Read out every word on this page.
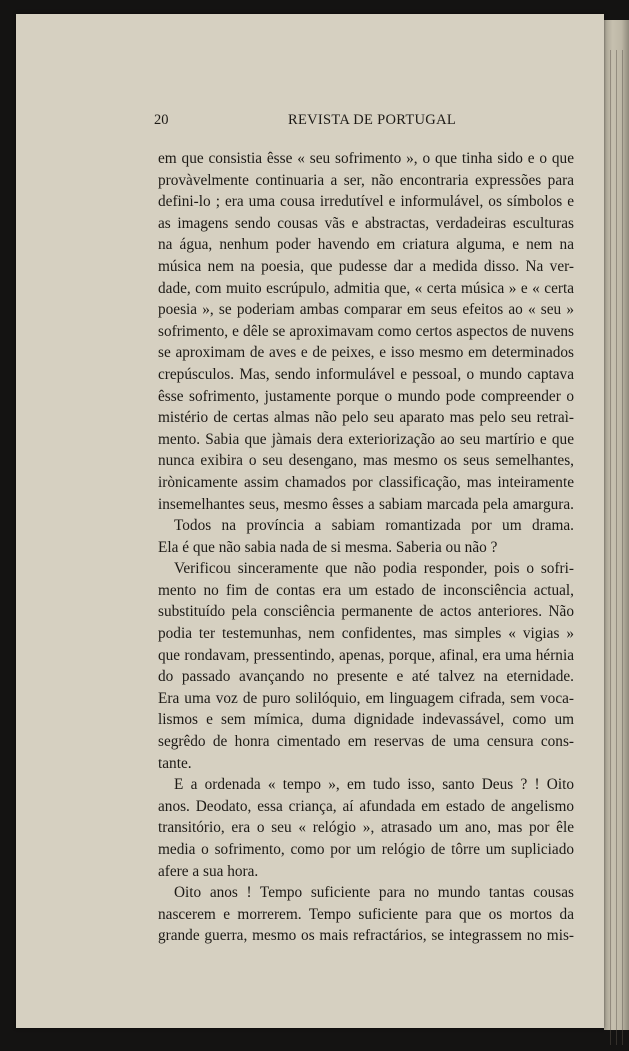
20	REVISTA DE PORTUGAL
em que consistia êsse « seu sofrimento », o que tinha sido e o que
provàvelmente continuaria a ser, não encontraria expressões para
defini-lo ; era uma cousa irredutível e informulável, os símbolos e
as imagens sendo cousas vãs e abstractas, verdadeiras esculturas
na água, nenhum poder havendo em criatura alguma, e nem na
música nem na poesia, que pudesse dar a medida disso. Na ver-
dade, com muito escrúpulo, admitia que, « certa música » e « certa
poesia », se poderiam ambas comparar em seus efeitos ao « seu »
sofrimento, e dêle se aproximavam como certos aspectos de nuvens
se aproximam de aves e de peixes, e isso mesmo em determinados
crepúsculos. Mas, sendo informulável e pessoal, o mundo captava
êsse sofrimento, justamente porque o mundo pode compreender o
mistério de certas almas não pelo seu aparato mas pelo seu retraì-
mento. Sabia que jàmais dera exteriorização ao seu martírio e que
nunca exibira o seu desengano, mas mesmo os seus semelhantes,
irònicamente assim chamados por classificação, mas inteiramente
insemelhantes seus, mesmo êsses a sabiam marcada pela amargura.
Todos na província a sabiam romantizada por um drama.
Ela é que não sabia nada de si mesma. Saberia ou não ?
Verificou sinceramente que não podia responder, pois o sofri-
mento no fim de contas era um estado de inconsciência actual,
substituído pela consciência permanente de actos anteriores. Não
podia ter testemunhas, nem confidentes, mas simples « vigias »
que rondavam, pressentindo, apenas, porque, afinal, era uma hérnia
do passado avançando no presente e até talvez na eternidade.
Era uma voz de puro solilóquio, em linguagem cifrada, sem voca-
lismos e sem mímica, duma dignidade indevassável, como um
segrêdo de honra cimentado em reservas de uma censura cons-
tante.
E a ordenada « tempo », em tudo isso, santo Deus ? ! Oito
anos. Deodato, essa criança, aí afundada em estado de angelismo
transitório, era o seu « relógio », atrasado um ano, mas por êle
media o sofrimento, como por um relógio de tôrre um supliciado
afere a sua hora.
Oito anos ! Tempo suficiente para no mundo tantas cousas
nascerem e morrerem. Tempo suficiente para que os mortos da
grande guerra, mesmo os mais refractários, se integrassem no mis-
